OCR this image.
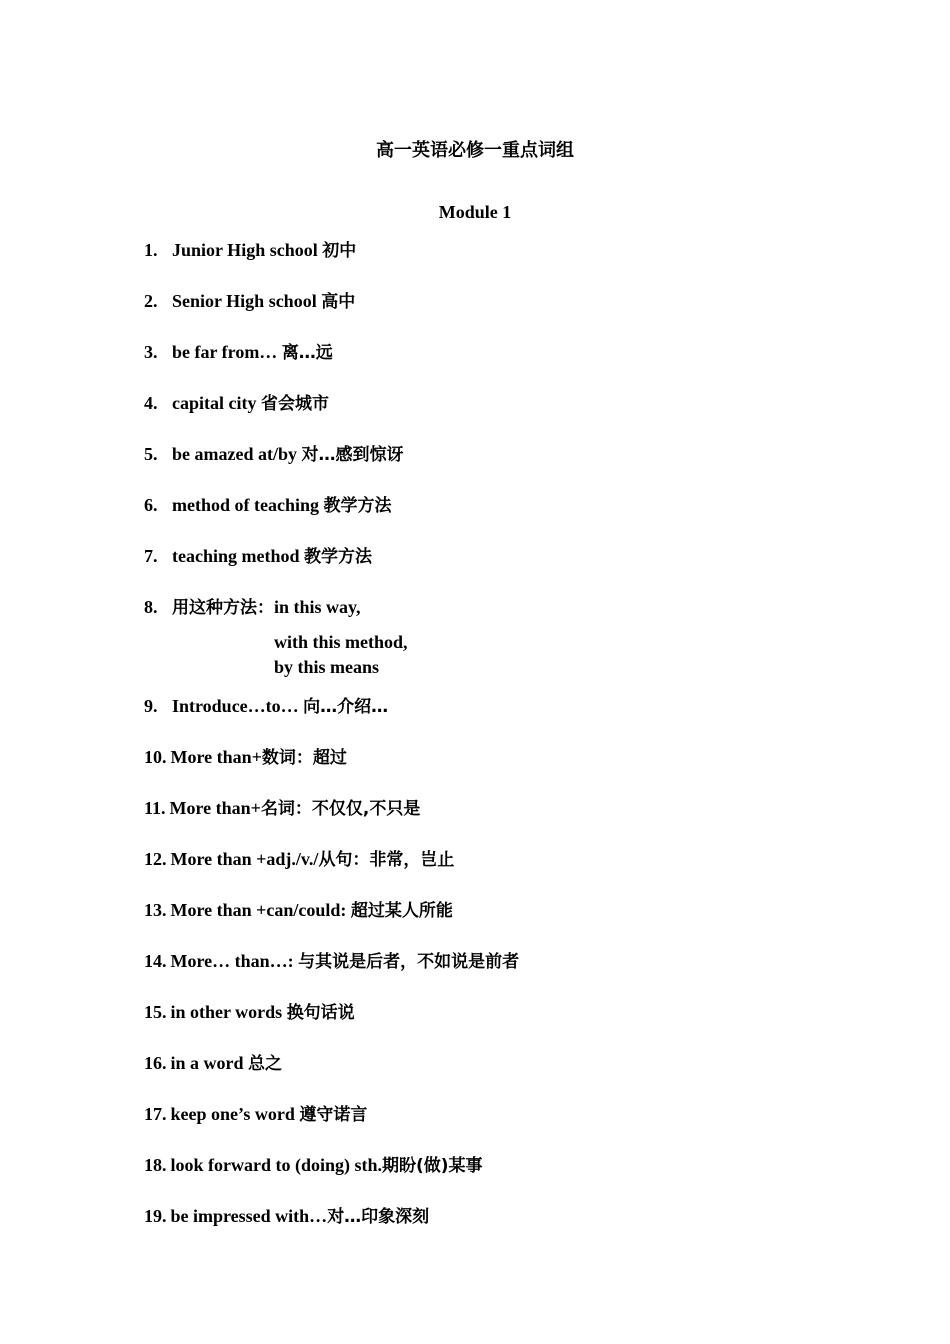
高一英语必修一重点词组
Module 1
1. Junior High school 初中
2. Senior High school 高中
3. be far from… 离…远
4. capital city 省会城市
5. be amazed at/by 对…感到惊讶
6. method of teaching 教学方法
7. teaching method 教学方法
8. 用这种方法：in this way,
with this method,
by this means
9. Introduce…to… 向…介绍…
10. More than+数词：超过
11. More than+名词：不仅仅,不只是
12. More than +adj./v./从句：非常，岂止
13. More than +can/could: 超过某人所能
14. More… than…: 与其说是后者，不如说是前者
15. in other words 换句话说
16. in a word 总之
17. keep one’s word 遵守诺言
18. look forward to (doing) sth.期盼(做)某事
19. be impressed with…对…印象深刻
